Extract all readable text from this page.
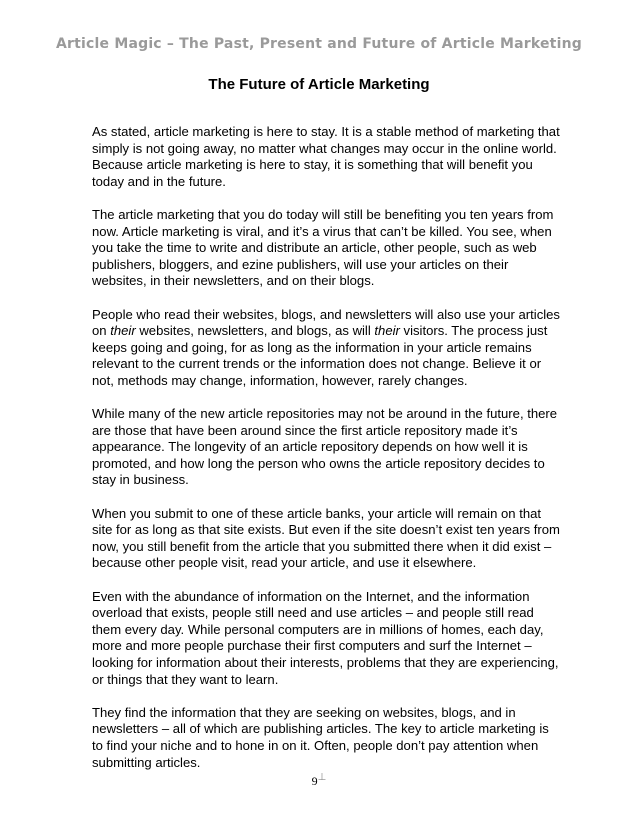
Article Magic – The Past, Present and Future of Article Marketing
The Future of Article Marketing

As stated, article marketing is here to stay. It is a stable method of marketing that
simply is not going away, no matter what changes may occur in the online world.
Because article marketing is here to stay, it is something that will benefit you
today and in the future.

The article marketing that you do today will still be benefiting you ten years from
now. Article marketing is viral, and it’s a virus that can’t be killed. You see, when
you take the time to write and distribute an article, other people, such as web
publishers, bloggers, and ezine publishers, will use your articles on their
websites, in their newsletters, and on their blogs.

People who read their websites, blogs, and newsletters will also use your articles
on their websites, newsletters, and blogs, as will their visitors. The process just
keeps going and going, for as long as the information in your article remains
relevant to the current trends or the information does not change. Believe it or
not, methods may change, information, however, rarely changes.

While many of the new article repositories may not be around in the future, there
are those that have been around since the first article repository made it’s
appearance. The longevity of an article repository depends on how well it is
promoted, and how long the person who owns the article repository decides to
stay in business.

When you submit to one of these article banks, your article will remain on that
site for as long as that site exists. But even if the site doesn’t exist ten years from
now, you still benefit from the article that you submitted there when it did exist –
because other people visit, read your article, and use it elsewhere.

Even with the abundance of information on the Internet, and the information
overload that exists, people still need and use articles – and people still read
them every day. While personal computers are in millions of homes, each day,
more and more people purchase their first computers and surf the Internet –
looking for information about their interests, problems that they are experiencing,
or things that they want to learn.

They find the information that they are seeking on websites, blogs, and in
newsletters – all of which are publishing articles. The key to article marketing is
to find your niche and to hone in on it. Often, people don’t pay attention when
submitting articles.

9⊥
